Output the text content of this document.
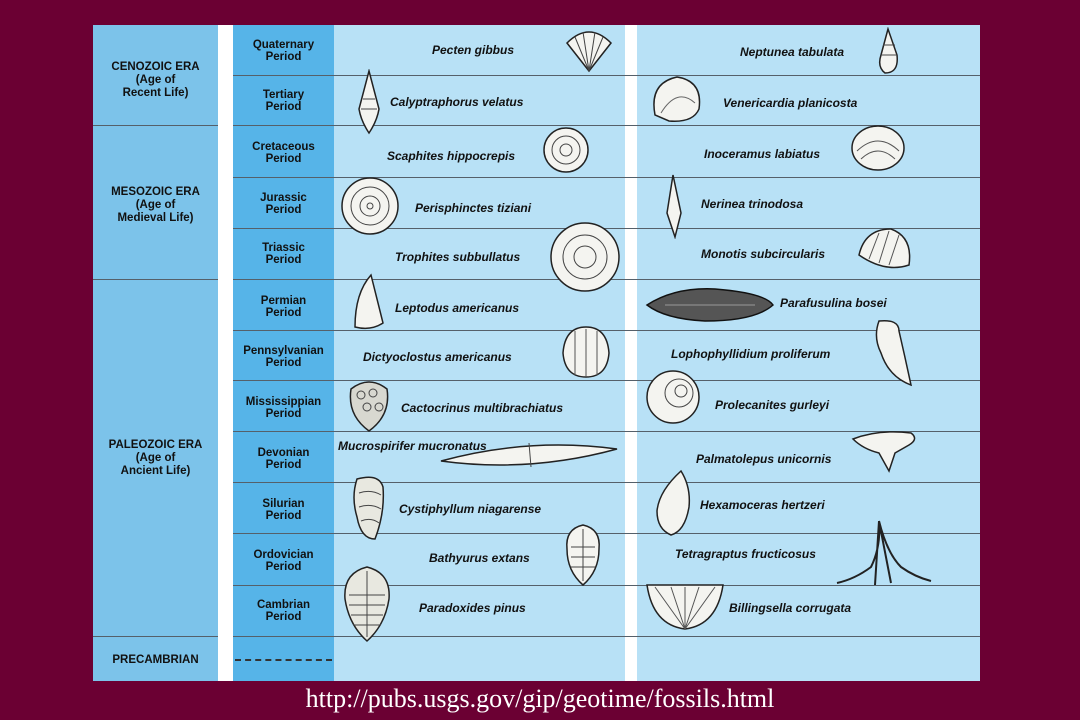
CENOZOIC ERA
(Age of
Recent Life)
MESOZOIC ERA
(Age of
Medieval Life)
PALEOZOIC ERA
(Age of
Ancient Life)
PRECAMBRIAN
Quaternary
Period
Tertiary
Period
Cretaceous
Period
Jurassic
Period
Triassic
Period
Permian
Period
Pennsylvanian
Period
Mississippian
Period
Devonian
Period
Silurian
Period
Ordovician
Period
Cambrian
Period
Pecten gibbus
Calyptraphorus velatus
Scaphites hippocrepis
Perisphinctes tiziani
Trophites subbullatus
Leptodus americanus
Dictyoclostus americanus
Cactocrinus multibrachiatus
Mucrospirifer mucronatus
Cystiphyllum niagarense
Bathyurus extans
Paradoxides pinus
Neptunea tabulata
Venericardia planicosta
Inoceramus labiatus
Nerinea trinodosa
Monotis subcircularis
Parafusulina bosei
Lophophyllidium proliferum
Prolecanites gurleyi
Palmatolepus unicornis
Hexamoceras hertzeri
Tetragraptus fructicosus
Billingsella corrugata
http://pubs.usgs.gov/gip/geotime/fossils.html
